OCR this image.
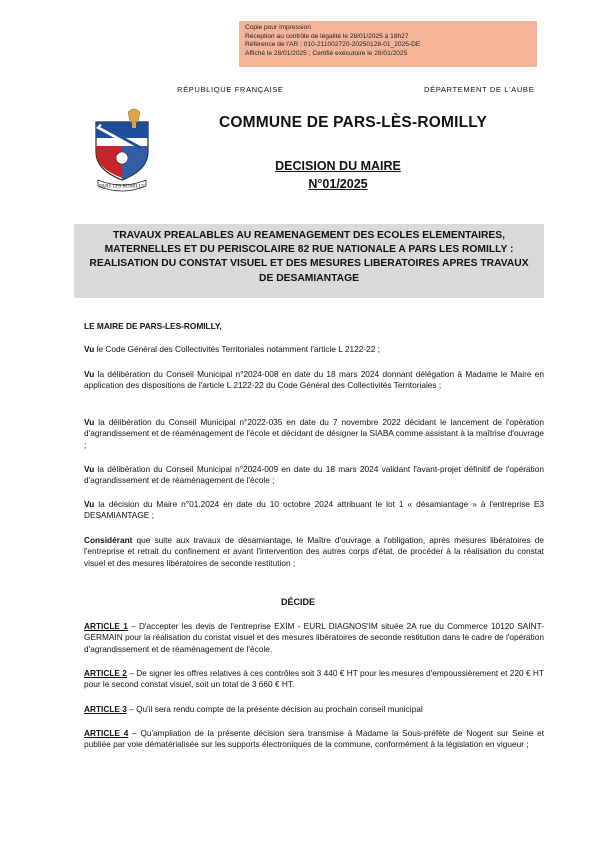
Copie pour impression
Réception au contrôle de légalité le 28/01/2025 à 18h27
Référence de l'AR : 010-211002720-20250128-01_2025-DE
Affiché le 28/01/2025 ; Certifié exécutoire le 28/01/2025
RÉPUBLIQUE FRANÇAISE	DÉPARTEMENT DE L'AUBE
PARS LES ROMILLY
COMMUNE DE PARS-LÈS-ROMILLY
DECISION DU MAIRE
N°01/2025
TRAVAUX PREALABLES AU REAMENAGEMENT DES ECOLES ELEMENTAIRES, MATERNELLES ET DU PERISCOLAIRE 82 RUE NATIONALE A PARS LES ROMILLY : REALISATION DU CONSTAT VISUEL ET DES MESURES LIBERATOIRES APRES TRAVAUX DE DESAMIANTAGE
LE MAIRE DE PARS-LES-ROMILLY,
Vu le Code Général des Collectivités Territoriales notamment l'article L 2122-22 ;
Vu la délibération du Conseil Municipal n°2024-008 en date du 18 mars 2024 donnant délégation à Madame le Maire en application des dispositions de l'article L 2122-22 du Code Général des Collectivités Territoriales ;
Vu la délibération du Conseil Municipal n°2022-035 en date du 7 novembre 2022 décidant le lancement de l'opération d'agrandissement et de réaménagement de l'école et décidant de désigner la SIABA comme assistant à la maîtrise d'ouvrage ;
Vu la délibération du Conseil Municipal n°2024-009 en date du 18 mars 2024 validant l'avant-projet définitif de l'opération d'agrandissement et de réaménagement de l'école ;
Vu la décision du Maire n°01.2024 en date du 10 octobre 2024 attribuant le lot 1 « désamiantage » à l'entreprise E3 DESAMIANTAGE ;
Considérant que suite aux travaux de désamiantage, le Maître d'ouvrage a l'obligation, après mesures libératoires de l'entreprise et retrait du confinement et avant l'intervention des autres corps d'état, de procéder à la réalisation du constat visuel et des mesures libératoires de seconde restitution ;
DÉCIDE
ARTICLE 1 – D'accepter les devis de l'entreprise EXIM - EURL DIAGNOS'IM située 2A rue du Commerce 10120 SAINT-GERMAIN pour la réalisation du constat visuel et des mesures libératoires de seconde restitution dans le cadre de l'opération d'agrandissement et de réaménagement de l'école.
ARTICLE 2 – De signer les offres relatives à ces contrôles soit 3 440 € HT pour les mesures d'empoussièrement et 220 € HT pour le second constat visuel, soit un total de 3 660 € HT.
ARTICLE 3 – Qu'il sera rendu compte de la présente décision au prochain conseil municipal
ARTICLE 4 – Qu'ampliation de la présente décision sera transmise à Madame la Sous-préfète de Nogent sur Seine et publiée par voie dématérialisée sur les supports électroniques de la commune, conformément à la législation en vigueur ;
